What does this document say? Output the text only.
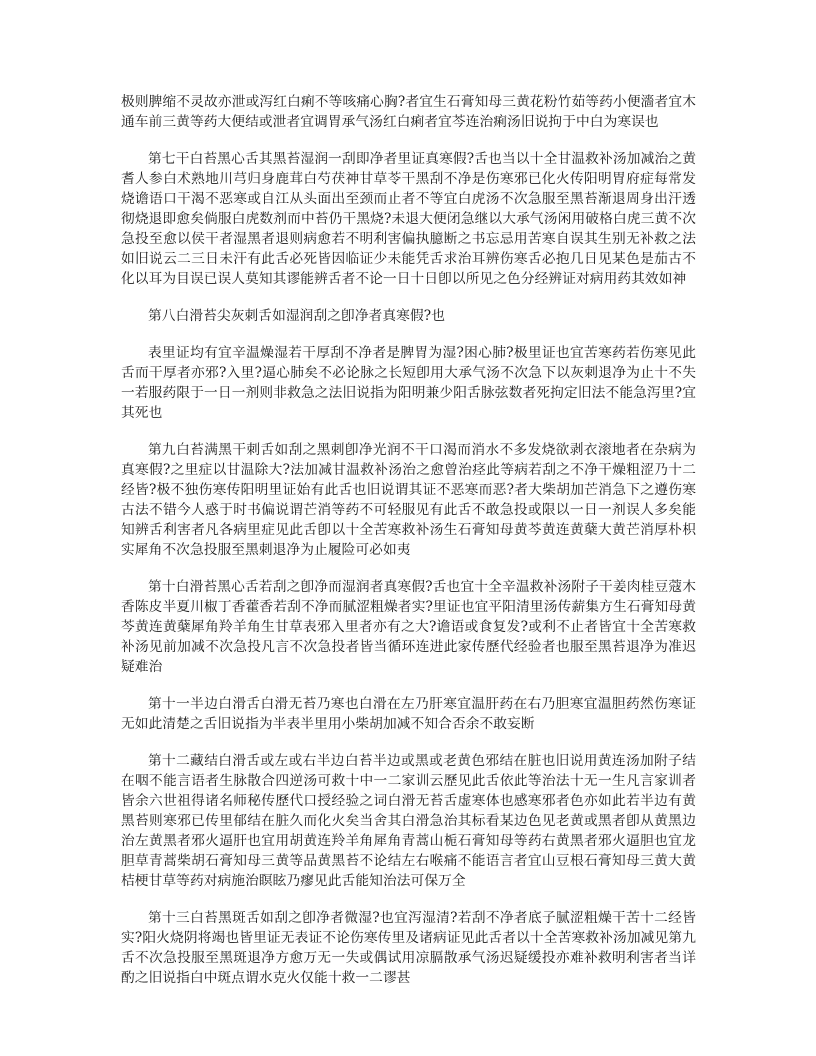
极则脾缩不灵故亦泄或泻红白痢不等咳痛心胸?者宜生石膏知母三黄花粉竹茹等药小便濇者宜木通车前三黄等药大便结或泄者宜调胃承气汤红白痢者宜芩连治痢汤旧说拘于中白为寒误也

第七干白苔黑心舌其黑苔湿润一刮即净者里证真寒假?舌也当以十全甘温救补汤加减治之黄耆人参白术熟地川芎归身鹿茸白芍茯神甘草苓干黑刮不净是伤寒邪已化火传阳明胃府症每常发烧谵语口干渴不恶寒或自江从头面出至颈而止者不等宜白虎汤不次急服至黑苔渐退周身出汗透彻烧退即愈矣倘服白虎数剂而中苔仍干黑烧?未退大便闭急继以大承气汤闲用破格白虎三黄不次急投至愈以侯干者湿黑者退则病愈若不明利害偏执臆断之书忘忌用苦寒自误其生别无补救之法如旧说云二三日未汗有此舌必死皆因临证少未能凭舌求治耳辨伤寒舌必抱几日见某色是茄古不化以耳为目误已误人莫知其谬能辨舌者不论一日十日卽以所见之色分经辨证对病用药其效如神

第八白滑苔尖灰刺舌如湿润刮之卽净者真寒假?也

表里证均有宜辛温燥湿若干厚刮不净者是脾胃为湿?困心肺?极里证也宜苦寒药若伤寒见此舌而干厚者亦邪?入里?逼心肺矣不必论脉之长短卽用大承气汤不次急下以灰刺退净为止十不失一若服药限于一日一剂则非救急之法旧说指为阳明兼少阳舌脉弦数者死拘定旧法不能急泻里?宜其死也

第九白苔满黑干刺舌如刮之黑刺卽净光润不干口渴而消水不多发烧欲剥衣滚地者在杂病为真寒假?之里症以甘温除大?法加减甘温救补汤治之愈曾治痉此等病若刮之不净干燥粗涩乃十二经皆?极不独伤寒传阳明里证始有此舌也旧说谓其证不恶寒而恶?者大柴胡加芒消急下之遵伤寒古法不错今人惑于时书偏说谓芒消等药不可轻服见有此舌不敢急投或限以一日一剂误人多矣能知辨舌利害者凡各病里症见此舌卽以十全苦寒救补汤生石膏知母黄芩黄连黄蘖大黄芒消厚朴枳实犀角不次急投服至黑刺退净为止履险可必如夷

第十白滑苔黑心舌若刮之卽净而湿润者真寒假?舌也宜十全辛温救补汤附子干姜肉桂豆蔻木香陈皮半夏川椒丁香藿香若刮不净而腻涩粗燥者实?里证也宜平阳清里汤传薪集方生石膏知母黄芩黄连黄蘖犀角羚羊角生甘草表邪入里者亦有之大?谵语或食复发?或利不止者皆宜十全苦寒救补汤见前加减不次急投凡言不次急投者皆当循环连进此家传歷代经验者也服至黑苔退净为准迟疑难治

第十一半边白滑舌白滑无苔乃寒也白滑在左乃肝寒宜温肝药在右乃胆寒宜温胆药然伤寒证无如此清楚之舌旧说指为半表半里用小柴胡加减不知合否余不敢妄断

第十二藏结白滑舌或左或右半边白苔半边或黑或老黄色邪结在脏也旧说用黄连汤加附子结在咽不能言语者生脉散合四逆汤可救十中一二家训云歷见此舌依此等治法十无一生凡言家训者皆余六世祖得诸名师秘传歷代口授经验之词白滑无苔舌虚寒体也感寒邪者色亦如此若半边有黄黑苔则寒邪已传里郁结在脏久而化火矣当舍其白滑急治其标看某边色见老黄或黑者卽从黄黑边治左黄黑者邪火逼肝也宜用胡黄连羚羊角犀角青蒿山栀石膏知母等药右黄黑者邪火逼胆也宜龙胆草青蒿柴胡石膏知母三黄等品黄黑苔不论结左右喉痛不能语言者宜山豆根石膏知母三黄大黄桔梗甘草等药对病施治瞑眩乃瘳见此舌能知治法可保万全

第十三白苔黑斑舌如刮之卽净者微湿?也宜泻湿清?若刮不净者底子腻涩粗燥干苦十二经皆实?阳火烧阴将竭也皆里证无表证不论伤寒传里及诸病证见此舌者以十全苦寒救补汤加减见第九舌不次急投服至黑斑退净方愈万无一失或偶试用凉膈散承气汤迟疑缓投亦难补救明利害者当详酌之旧说指白中斑点谓水克火仅能十救一二谬甚
